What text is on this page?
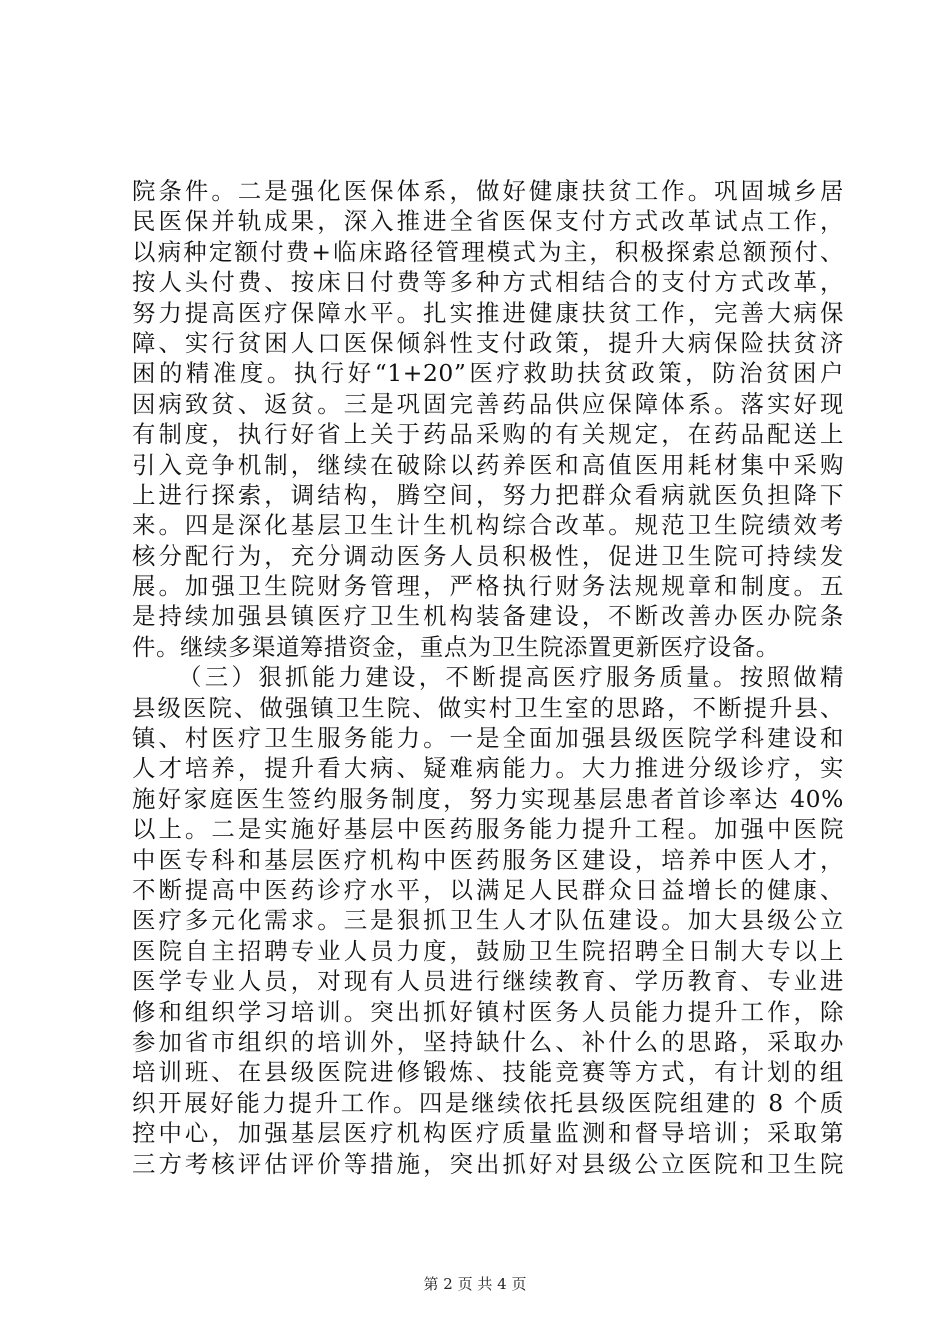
院条件。二是强化医保体系，做好健康扶贫工作。巩固城乡居
民医保并轨成果，深入推进全省医保支付方式改革试点工作，
以病种定额付费+临床路径管理模式为主，积极探索总额预付、
按人头付费、按床日付费等多种方式相结合的支付方式改革，
努力提高医疗保障水平。扎实推进健康扶贫工作，完善大病保
障、实行贫困人口医保倾斜性支付政策，提升大病保险扶贫济
困的精准度。执行好“1+20”医疗救助扶贫政策，防治贫困户
因病致贫、返贫。三是巩固完善药品供应保障体系。落实好现
有制度，执行好省上关于药品采购的有关规定，在药品配送上
引入竞争机制，继续在破除以药养医和高值医用耗材集中采购
上进行探索，调结构，腾空间，努力把群众看病就医负担降下
来。四是深化基层卫生计生机构综合改革。规范卫生院绩效考
核分配行为，充分调动医务人员积极性，促进卫生院可持续发
展。加强卫生院财务管理，严格执行财务法规规章和制度。五
是持续加强县镇医疗卫生机构装备建设，不断改善办医办院条
件。继续多渠道筹措资金，重点为卫生院添置更新医疗设备。
（三）狠抓能力建设，不断提高医疗服务质量。按照做精
县级医院、做强镇卫生院、做实村卫生室的思路，不断提升县、
镇、村医疗卫生服务能力。一是全面加强县级医院学科建设和
人才培养，提升看大病、疑难病能力。大力推进分级诊疗，实
施好家庭医生签约服务制度，努力实现基层患者首诊率达 40%
以上。二是实施好基层中医药服务能力提升工程。加强中医院
中医专科和基层医疗机构中医药服务区建设，培养中医人才，
不断提高中医药诊疗水平，以满足人民群众日益增长的健康、
医疗多元化需求。三是狠抓卫生人才队伍建设。加大县级公立
医院自主招聘专业人员力度，鼓励卫生院招聘全日制大专以上
医学专业人员，对现有人员进行继续教育、学历教育、专业进
修和组织学习培训。突出抓好镇村医务人员能力提升工作，除
参加省市组织的培训外，坚持缺什么、补什么的思路，采取办
培训班、在县级医院进修锻炼、技能竞赛等方式，有计划的组
织开展好能力提升工作。四是继续依托县级医院组建的 8 个质
控中心，加强基层医疗机构医疗质量监测和督导培训；采取第
三方考核评估评价等措施，突出抓好对县级公立医院和卫生院
第 2 页 共 4 页
